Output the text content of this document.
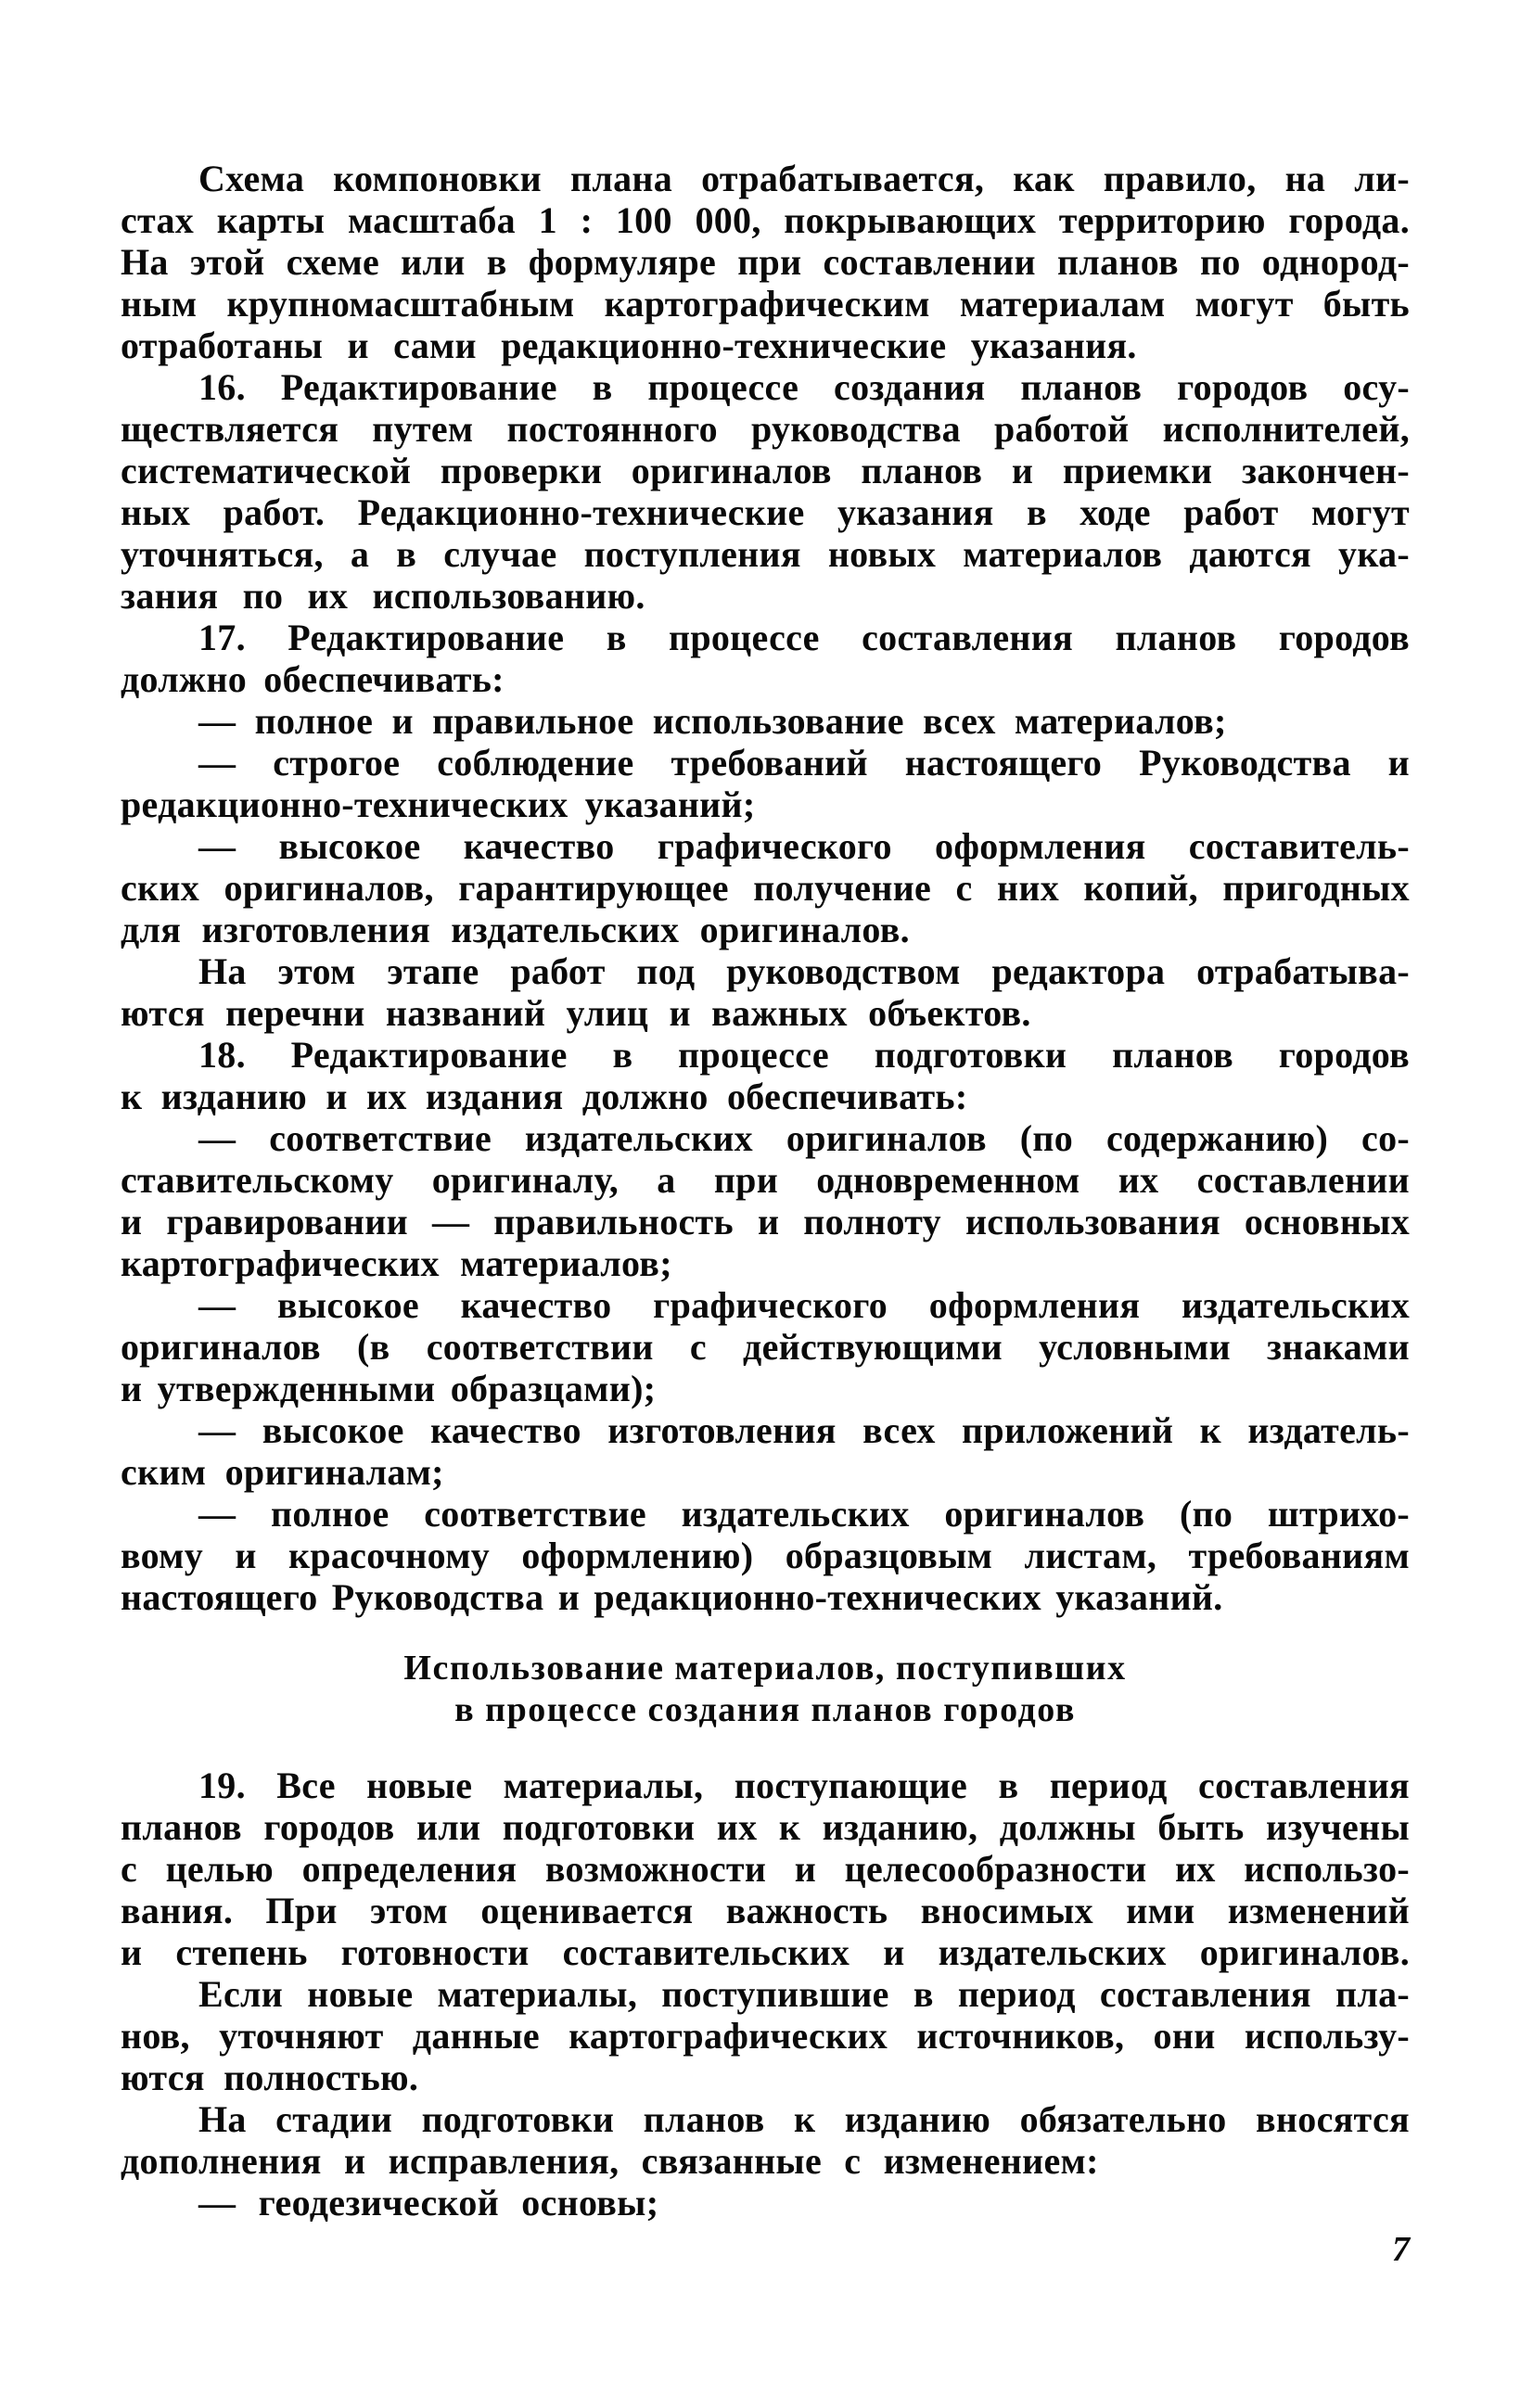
Схема компоновки плана отрабатывается, как правило, на ли-
стах карты масштаба 1 : 100 000, покрывающих территорию города.
На этой схеме или в формуляре при составлении планов по однород-
ным крупномасштабным картографическим материалам могут быть
отработаны и сами редакционно-технические указания.
16. Редактирование в процессе создания планов городов осу-
ществляется путем постоянного руководства работой исполнителей,
систематической проверки оригиналов планов и приемки закончен-
ных работ. Редакционно-технические указания в ходе работ могут
уточняться, а в случае поступления новых материалов даются ука-
зания по их использованию.
17. Редактирование в процессе составления планов городов
должно обеспечивать:
— полное и правильное использование всех материалов;
— строгое соблюдение требований настоящего Руководства и
редакционно-технических указаний;
— высокое качество графического оформления составитель-
ских оригиналов, гарантирующее получение с них копий, пригодных
для изготовления издательских оригиналов.
На этом этапе работ под руководством редактора отрабатыва-
ются перечни названий улиц и важных объектов.
18. Редактирование в процессе подготовки планов городов
к изданию и их издания должно обеспечивать:
— соответствие издательских оригиналов (по содержанию) со-
ставительскому оригиналу, а при одновременном их составлении
и гравировании — правильность и полноту использования основных
картографических материалов;
— высокое качество графического оформления издательских
оригиналов (в соответствии с действующими условными знаками
и утвержденными образцами);
— высокое качество изготовления всех приложений к издатель-
ским оригиналам;
— полное соответствие издательских оригиналов (по штрихо-
вому и красочному оформлению) образцовым листам, требованиям
настоящего Руководства и редакционно-технических указаний.
Использование материалов, поступивших
в процессе создания планов городов
19. Все новые материалы, поступающие в период составления
планов городов или подготовки их к изданию, должны быть изучены
с целью определения возможности и целесообразности их использо-
вания. При этом оценивается важность вносимых ими изменений
и степень готовности составительских и издательских оригиналов.
Если новые материалы, поступившие в период составления пла-
нов, уточняют данные картографических источников, они использу-
ются полностью.
На стадии подготовки планов к изданию обязательно вносятся
дополнения и исправления, связанные с изменением:
— геодезической основы;
7
